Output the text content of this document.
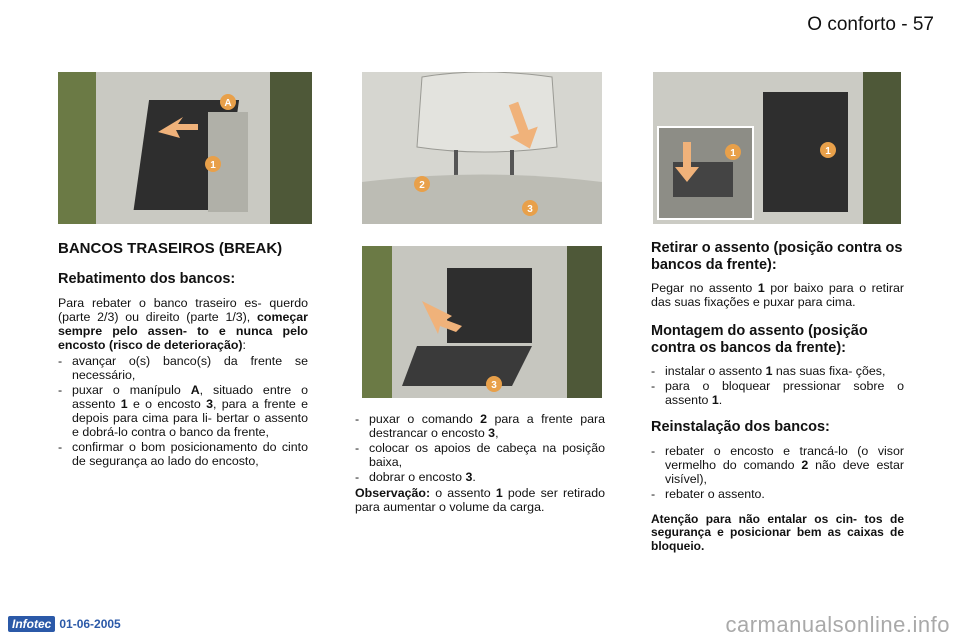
O conforto - 57
A
1
2
3
3
1	1
BANCOS TRASEIROS (BREAK)
Rebatimento dos bancos:

Para rebater o banco traseiro es- querdo (parte 2/3) ou direito (parte 1/3), começar sempre pelo assen- to e nunca pelo encosto (risco de deterioração):

- avançar o(s) banco(s) da frente se necessário,
- puxar o manípulo A, situado entre o assento 1 e o encosto 3, para a frente e depois para cima para li- bertar o assento e dobrá-lo contra o banco da frente,
- confirmar o bom posicionamento do cinto de segurança ao lado do encosto,
- puxar o comando 2 para a frente para destrancar o encosto 3,
- colocar os apoios de cabeça na posição baixa,
- dobrar o encosto 3.

Observação: o assento 1 pode ser retirado para aumentar o volume da carga.

Retirar o assento (posição contra os bancos da frente):

Pegar no assento 1 por baixo para o retirar das suas fixações e puxar para cima.

Montagem do assento (posição contra os bancos da frente):
- instalar o assento 1 nas suas fixa- ções,
- para o bloquear pressionar sobre o assento 1.
Reinstalação dos bancos:
- rebater o encosto e trancá-lo (o visor vermelho do comando 2 não deve estar visível),
- rebater o assento.

Atenção para não entalar os cin- tos de segurança e posicionar bem as caixas de bloqueio.

Infotec 01-06-2005	carmanualsonline.info
